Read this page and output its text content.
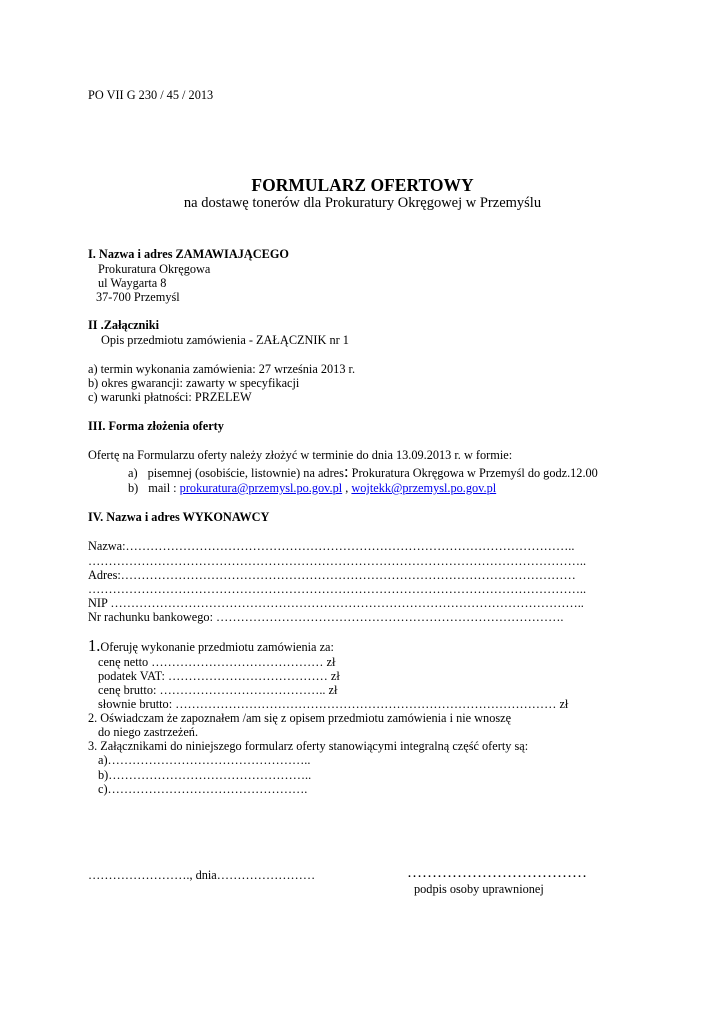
PO VII G 230 / 45 / 2013
FORMULARZ OFERTOWY
na dostawę tonerów dla Prokuratury Okręgowej w Przemyślu
I. Nazwa i adres ZAMAWIAJĄCEGO
Prokuratura Okręgowa
ul Waygarta 8
37-700 Przemyśl
II .Załączniki
Opis przedmiotu zamówienia - ZAŁĄCZNIK nr 1
a) termin wykonania zamówienia: 27 września 2013 r.
b) okres gwarancji: zawarty w specyfikacji
c) warunki płatności: PRZELEW
III. Forma złożenia oferty
Ofertę na Formularzu oferty należy złożyć w terminie do dnia 13.09.2013 r. w formie:
a) pisemnej (osobiście, listownie) na adres: Prokuratura Okręgowa w Przemyśl do godz.12.00
b) mail : prokuratura@przemysl.po.gov.pl , wojtekk@przemysl.po.gov.pl
IV. Nazwa i adres WYKONAWCY
Nazwa:………………………………………………………………………………………………..
…………………………………………………………………………………………………………..
Adres:…………………………………………………………………………………………………
…………………………………………………………………………………………………………..
NIP ……………………………………………………………………………………………………..
Nr rachunku bankowego: ………………………………………………………………………….
1.Oferuję wykonanie przedmiotu zamówienia za:
cenę netto …………………………………… zł
podatek VAT: ………………………………… zł
cenę brutto: ………………………………….. zł
słownie brutto: ………………………………………………………………………………… zł
2. Oświadczam że zapoznałem /am się z opisem przedmiotu zamówienia i nie wnoszę
do niego zastrzeżeń.
3. Załącznikami do niniejszego formularz oferty stanowiącymi integralną część oferty są:
a)…………………………………………..
b)…………………………………………..
c)………………………………………….
……………………., dnia……………………	………………………………
podpis osoby uprawnionej
